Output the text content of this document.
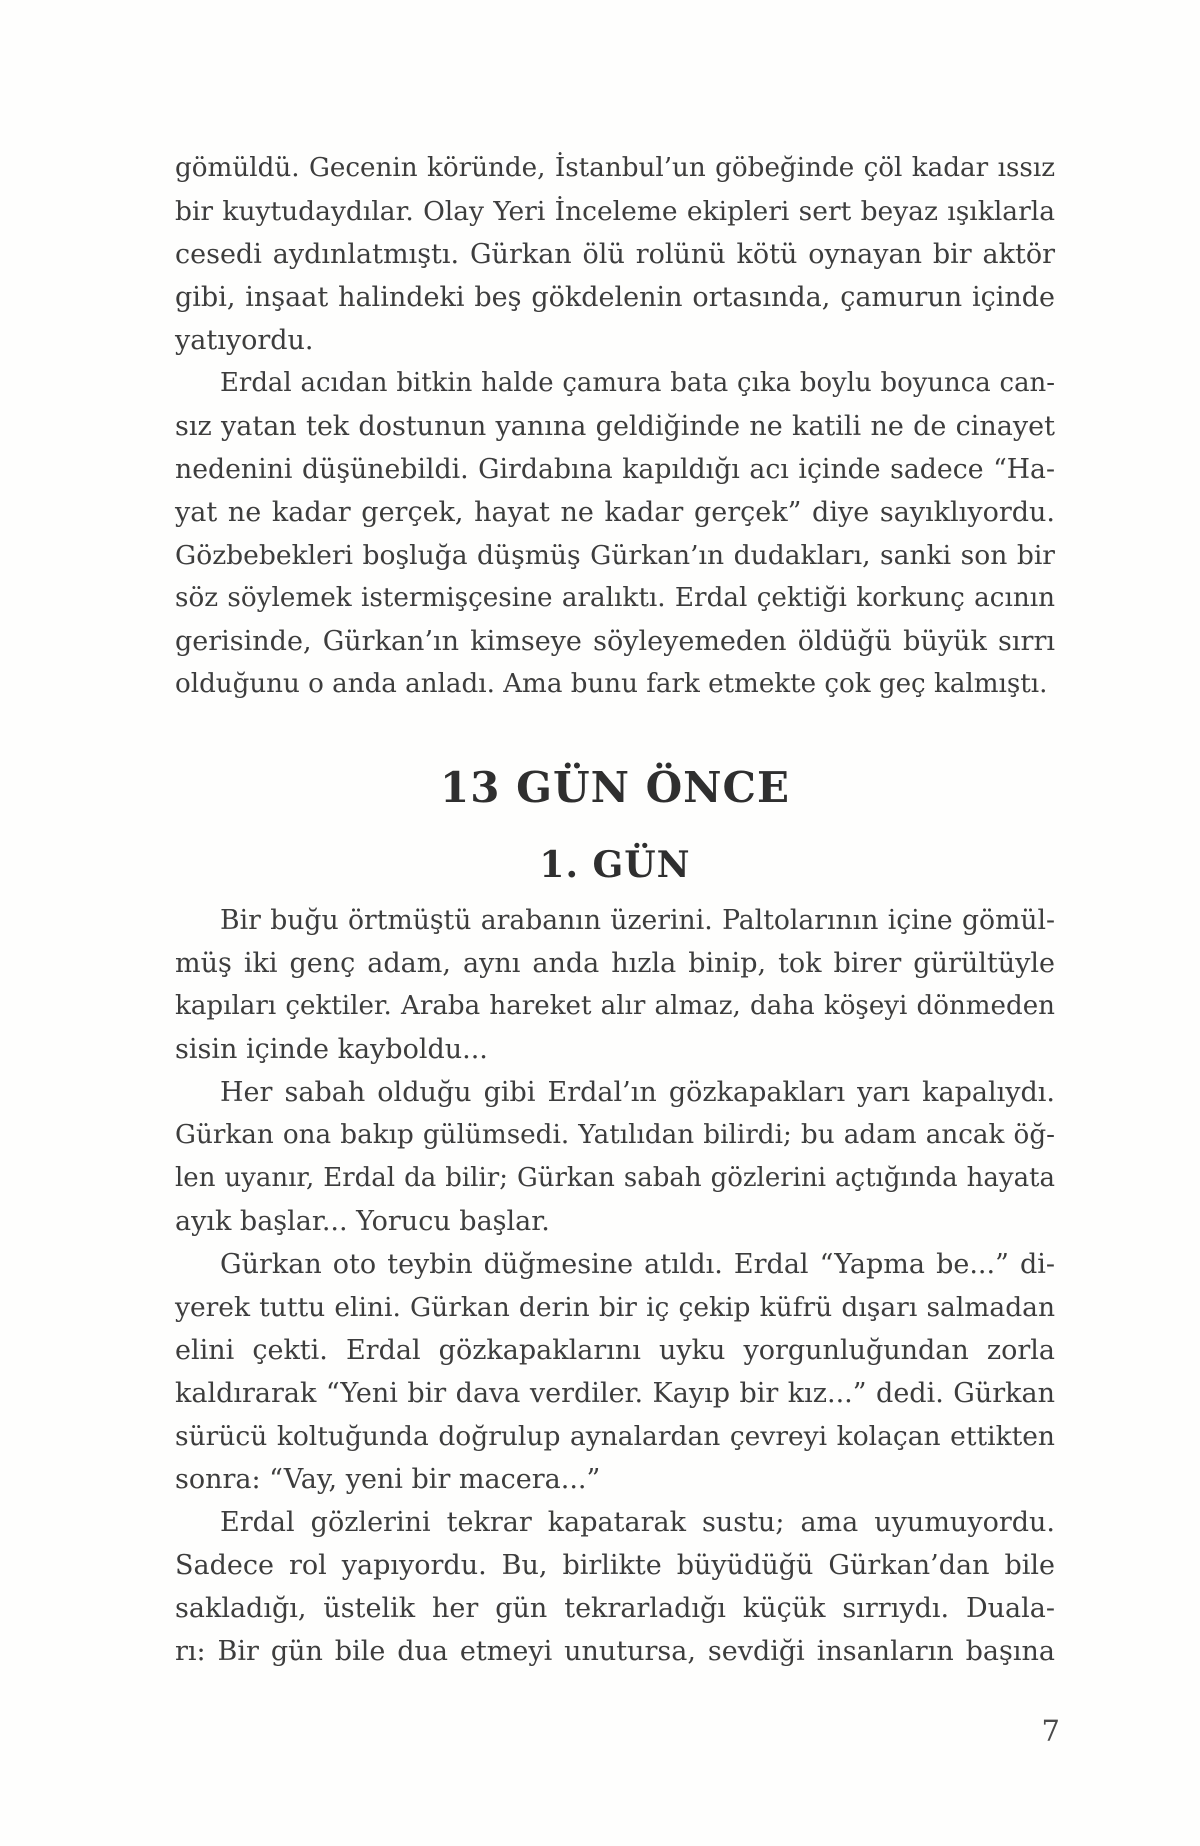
gömüldü. Gecenin köründe, İstanbul’un göbeğinde çöl kadar ıssız
bir kuytudaydılar. Olay Yeri İnceleme ekipleri sert beyaz ışıklarla
cesedi aydınlatmıştı. Gürkan ölü rolünü kötü oynayan bir aktör
gibi, inşaat halindeki beş gökdelenin ortasında, çamurun içinde
yatıyordu.
Erdal acıdan bitkin halde çamura bata çıka boylu boyunca can-
sız yatan tek dostunun yanına geldiğinde ne katili ne de cinayet
nedenini düşünebildi. Girdabına kapıldığı acı içinde sadece “Ha-
yat ne kadar gerçek, hayat ne kadar gerçek” diye sayıklıyordu.
Gözbebekleri boşluğa düşmüş Gürkan’ın dudakları, sanki son bir
söz söylemek istermişçesine aralıktı. Erdal çektiği korkunç acının
gerisinde, Gürkan’ın kimseye söyleyemeden öldüğü büyük sırrı
olduğunu o anda anladı. Ama bunu fark etmekte çok geç kalmıştı.
13 GÜN ÖNCE
1. GÜN
Bir buğu örtmüştü arabanın üzerini. Paltolarının içine gömül-
müş iki genç adam, aynı anda hızla binip, tok birer gürültüyle
kapıları çektiler. Araba hareket alır almaz, daha köşeyi dönmeden
sisin içinde kayboldu...
Her sabah olduğu gibi Erdal’ın gözkapakları yarı kapalıydı.
Gürkan ona bakıp gülümsedi. Yatılıdan bilirdi; bu adam ancak öğ-
len uyanır, Erdal da bilir; Gürkan sabah gözlerini açtığında hayata
ayık başlar... Yorucu başlar.
Gürkan oto teybin düğmesine atıldı. Erdal “Yapma be...” di-
yerek tuttu elini. Gürkan derin bir iç çekip küfrü dışarı salmadan
elini çekti. Erdal gözkapaklarını uyku yorgunluğundan zorla
kaldırarak “Yeni bir dava verdiler. Kayıp bir kız...” dedi. Gürkan
sürücü koltuğunda doğrulup aynalardan çevreyi kolaçan ettikten
sonra: “Vay, yeni bir macera...”
Erdal gözlerini tekrar kapatarak sustu; ama uyumuyordu.
Sadece rol yapıyordu. Bu, birlikte büyüdüğü Gürkan’dan bile
sakladığı, üstelik her gün tekrarladığı küçük sırrıydı. Duala-
rı: Bir gün bile dua etmeyi unutursa, sevdiği insanların başına
7
